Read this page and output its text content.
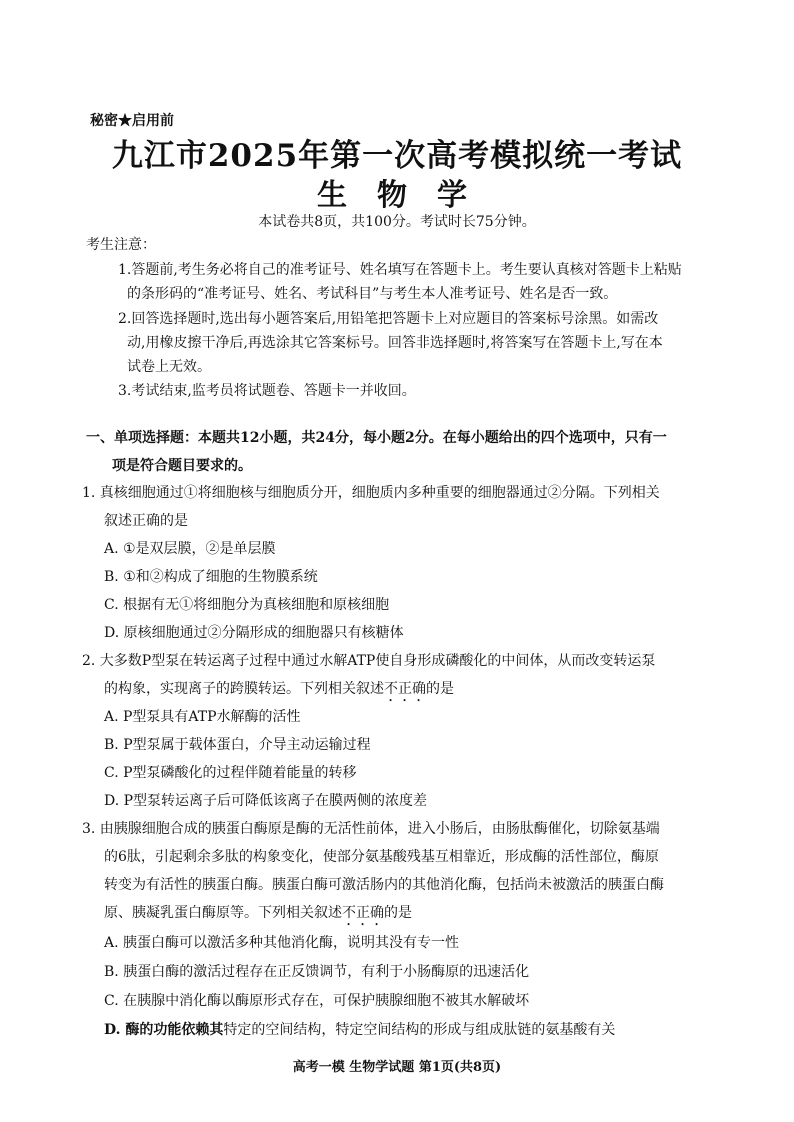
秘密★启用前
九江市2025年第一次高考模拟统一考试
生物学
本试卷共8页，共100分。考试时长75分钟。
考生注意：
1.答题前,考生务必将自己的准考证号、姓名填写在答题卡上。考生要认真核对答题卡上粘贴
的条形码的“准考证号、姓名、考试科目”与考生本人准考证号、姓名是否一致。
2.回答选择题时,选出每小题答案后,用铅笔把答题卡上对应题目的答案标号涂黑。如需改
动,用橡皮擦干净后,再选涂其它答案标号。回答非选择题时,将答案写在答题卡上,写在本
试卷上无效。
3.考试结束,监考员将试题卷、答题卡一并收回。
一、单项选择题：本题共12小题，共24分，每小题2分。在每小题给出的四个选项中，只有一
项是符合题目要求的。
1. 真核细胞通过①将细胞核与细胞质分开，细胞质内多种重要的细胞器通过②分隔。下列相关
叙述正确的是
A. ①是双层膜，②是单层膜
B. ①和②构成了细胞的生物膜系统
C. 根据有无①将细胞分为真核细胞和原核细胞
D. 原核细胞通过②分隔形成的细胞器只有核糖体
2. 大多数P型泵在转运离子过程中通过水解ATP使自身形成磷酸化的中间体，从而改变转运泵
的构象，实现离子的跨膜转运。下列相关叙述不正确的是
A. P型泵具有ATP水解酶的活性
B. P型泵属于载体蛋白，介导主动运输过程
C. P型泵磷酸化的过程伴随着能量的转移
D. P型泵转运离子后可降低该离子在膜两侧的浓度差
3. 由胰腺细胞合成的胰蛋白酶原是酶的无活性前体，进入小肠后，由肠肽酶催化，切除氨基端
的6肽，引起剩余多肽的构象变化，使部分氨基酸残基互相靠近，形成酶的活性部位，酶原
转变为有活性的胰蛋白酶。胰蛋白酶可激活肠内的其他消化酶，包括尚未被激活的胰蛋白酶
原、胰凝乳蛋白酶原等。下列相关叙述不正确的是
A. 胰蛋白酶可以激活多种其他消化酶，说明其没有专一性
B. 胰蛋白酶的激活过程存在正反馈调节，有利于小肠酶原的迅速活化
C. 在胰腺中消化酶以酶原形式存在，可保护胰腺细胞不被其水解破坏
D. 酶的功能依赖其特定的空间结构，特定空间结构的形成与组成肽链的氨基酸有关
高考一模 生物学试题 第1页(共8页)
